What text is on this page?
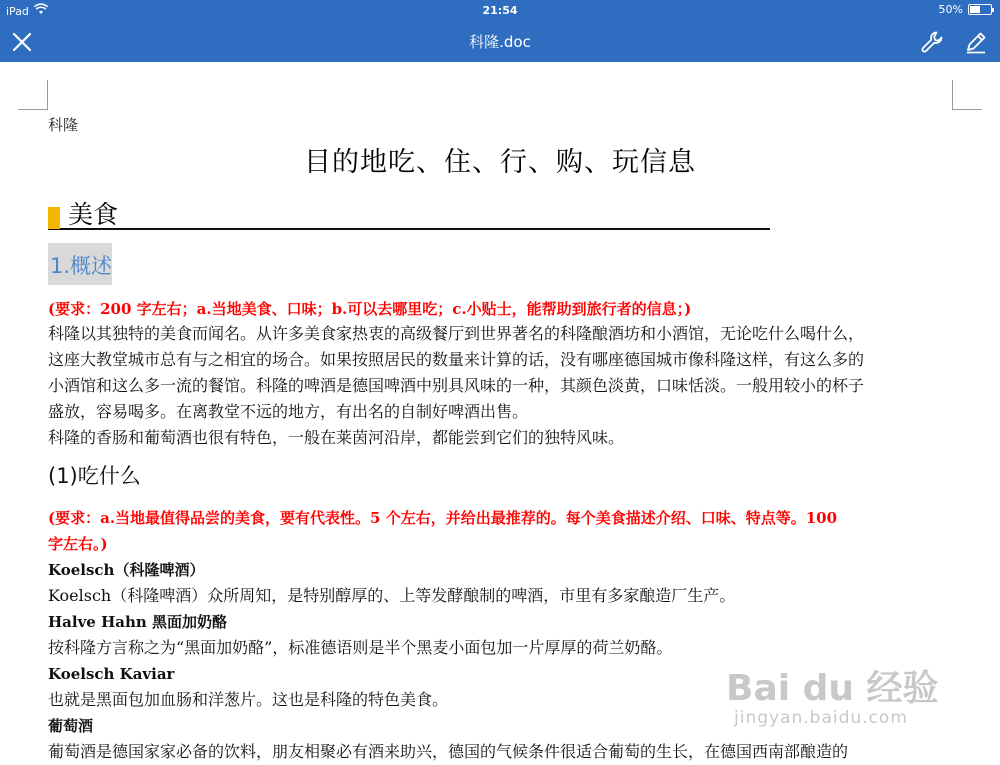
iPad	21:54	50%
科隆.doc
科隆
目的地吃、住、行、购、玩信息
美食
1.概述
(要求：200 字左右；a.当地美食、口味；b.可以去哪里吃；c.小贴士，能帮助到旅行者的信息；)
科隆以其独特的美食而闻名。从许多美食家热衷的高级餐厅到世界著名的科隆酿酒坊和小酒馆，无论吃什么喝什么，
这座大教堂城市总有与之相宜的场合。如果按照居民的数量来计算的话，没有哪座德国城市像科隆这样，有这么多的
小酒馆和这么多一流的餐馆。科隆的啤酒是德国啤酒中别具风味的一种，其颜色淡黄，口味恬淡。一般用较小的杯子
盛放，容易喝多。在离教堂不远的地方，有出名的自制好啤酒出售。
科隆的香肠和葡萄酒也很有特色，一般在莱茵河沿岸，都能尝到它们的独特风味。
(1)吃什么
(要求：a.当地最值得品尝的美食，要有代表性。5 个左右，并给出最推荐的。每个美食描述介绍、口味、特点等。100
字左右。)
Koelsch（科隆啤酒）
Koelsch（科隆啤酒）众所周知，是特别醇厚的、上等发酵酿制的啤酒，市里有多家酿造厂生产。
Halve Hahn 黑面加奶酪
按科隆方言称之为“黑面加奶酪”，标准德语则是半个黑麦小面包加一片厚厚的荷兰奶酪。
Koelsch Kaviar
也就是黑面包加血肠和洋葱片。这也是科隆的特色美食。
葡萄酒
葡萄酒是德国家家必备的饮料，朋友相聚必有酒来助兴，德国的气候条件很适合葡萄的生长，在德国西南部酿造的
Bai du 经验
jingyan.baidu.com
